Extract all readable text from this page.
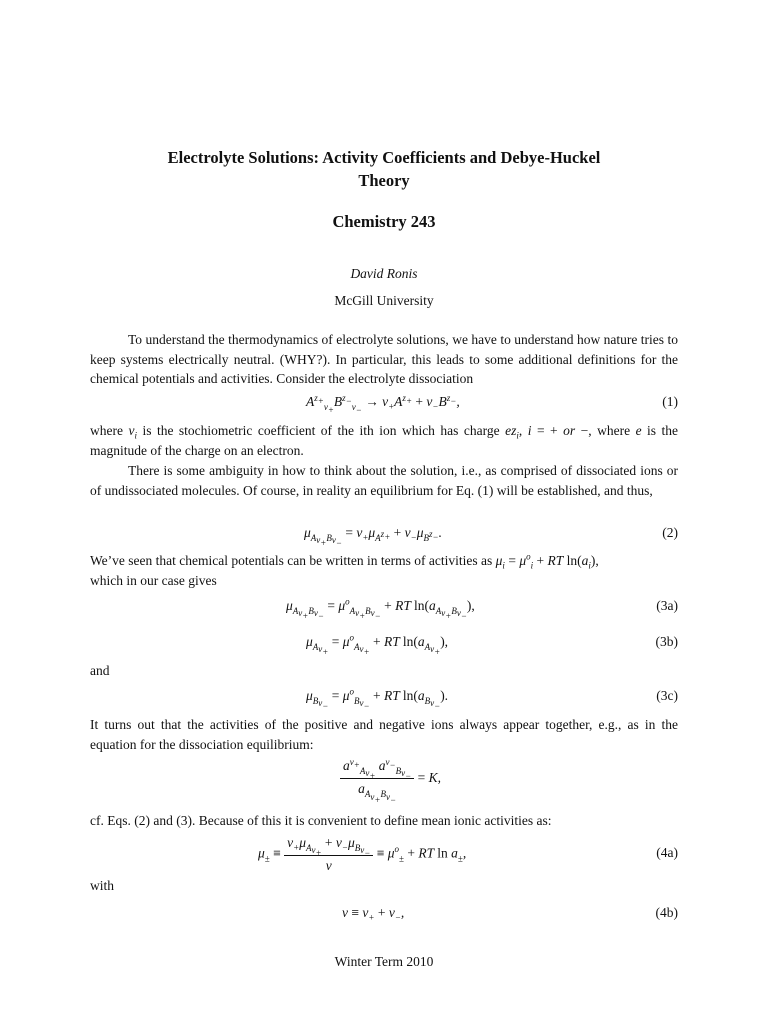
Electrolyte Solutions: Activity Coefficients and Debye-Huckel
Theory
Chemistry 243
David Ronis
McGill University

To understand the thermodynamics of electrolyte solutions, we have to understand how nature tries to keep systems electrically neutral. (WHY?). In particular, this leads to some additional definitions for the chemical potentials and activities. Consider the electrolyte dissociation

$A^{z_+}_{\nu_+}B^{z_-}_{\nu_-} \to \nu_+A^{z_+} + \nu_-B^{z_-}$,	(1)

where $\nu_i$ is the stochiometric coefficient of the ith ion which has charge $ez_i$, i = + or −, where e is the magnitude of the charge on an electron.

There is some ambiguity in how to think about the solution, i.e., as comprised of dissociated ions or of undissociated molecules. Of course, in reality an equilibrium for Eq. (1) will be established, and thus,

$\mu_{A_{\nu_+}B_{\nu_-}} = \nu_+\mu_{A^{z_+}} + \nu_-\mu_{B^{z_-}}$.	(2)

We’ve seen that chemical potentials can be written in terms of activities as $\mu_i = \mu^o_i$ + RT $\ln(a_i)$,
which in our case gives

$\mu_{A_{\nu_+}B_{\nu_-}} = \mu^o_{A_{\nu_+}B_{\nu_-}}$ + RT $\ln(a_{A_{\nu_+}B_{\nu_-}})$,	(3a)
$\mu_{A_{\nu_+}} = \mu^o_{A_{\nu_+}}$ + RT $\ln(a_{A_{\nu_+}})$,	(3b)

and

$\mu_{B_{\nu_-}} = \mu^o_{B_{\nu_-}}$ + RT $\ln(a_{B_{\nu_-}})$.	(3c)

It turns out that the activities of the positive and negative ions always appear together, e.g., as in the equation for the dissociation equilibrium:

$\frac{a^{\nu_+}_{A_{\nu_+}} a^{\nu_-}_{B_{\nu_-}}}{a_{A_{\nu_+}B_{\nu_-}}} = K$,

cf. Eqs. (2) and (3). Because of this it is convenient to define mean ionic activities as:

$\mu_\pm \equiv \frac{\nu_+\mu_{A_{\nu_+}} + \nu_-\mu_{B_{\nu_-}}}{\nu} \equiv \mu^o_\pm$ + RT $\ln a_\pm$,	(4a)

with

$\nu \equiv \nu_+ + \nu_-$,	(4b)
Winter Term 2010
